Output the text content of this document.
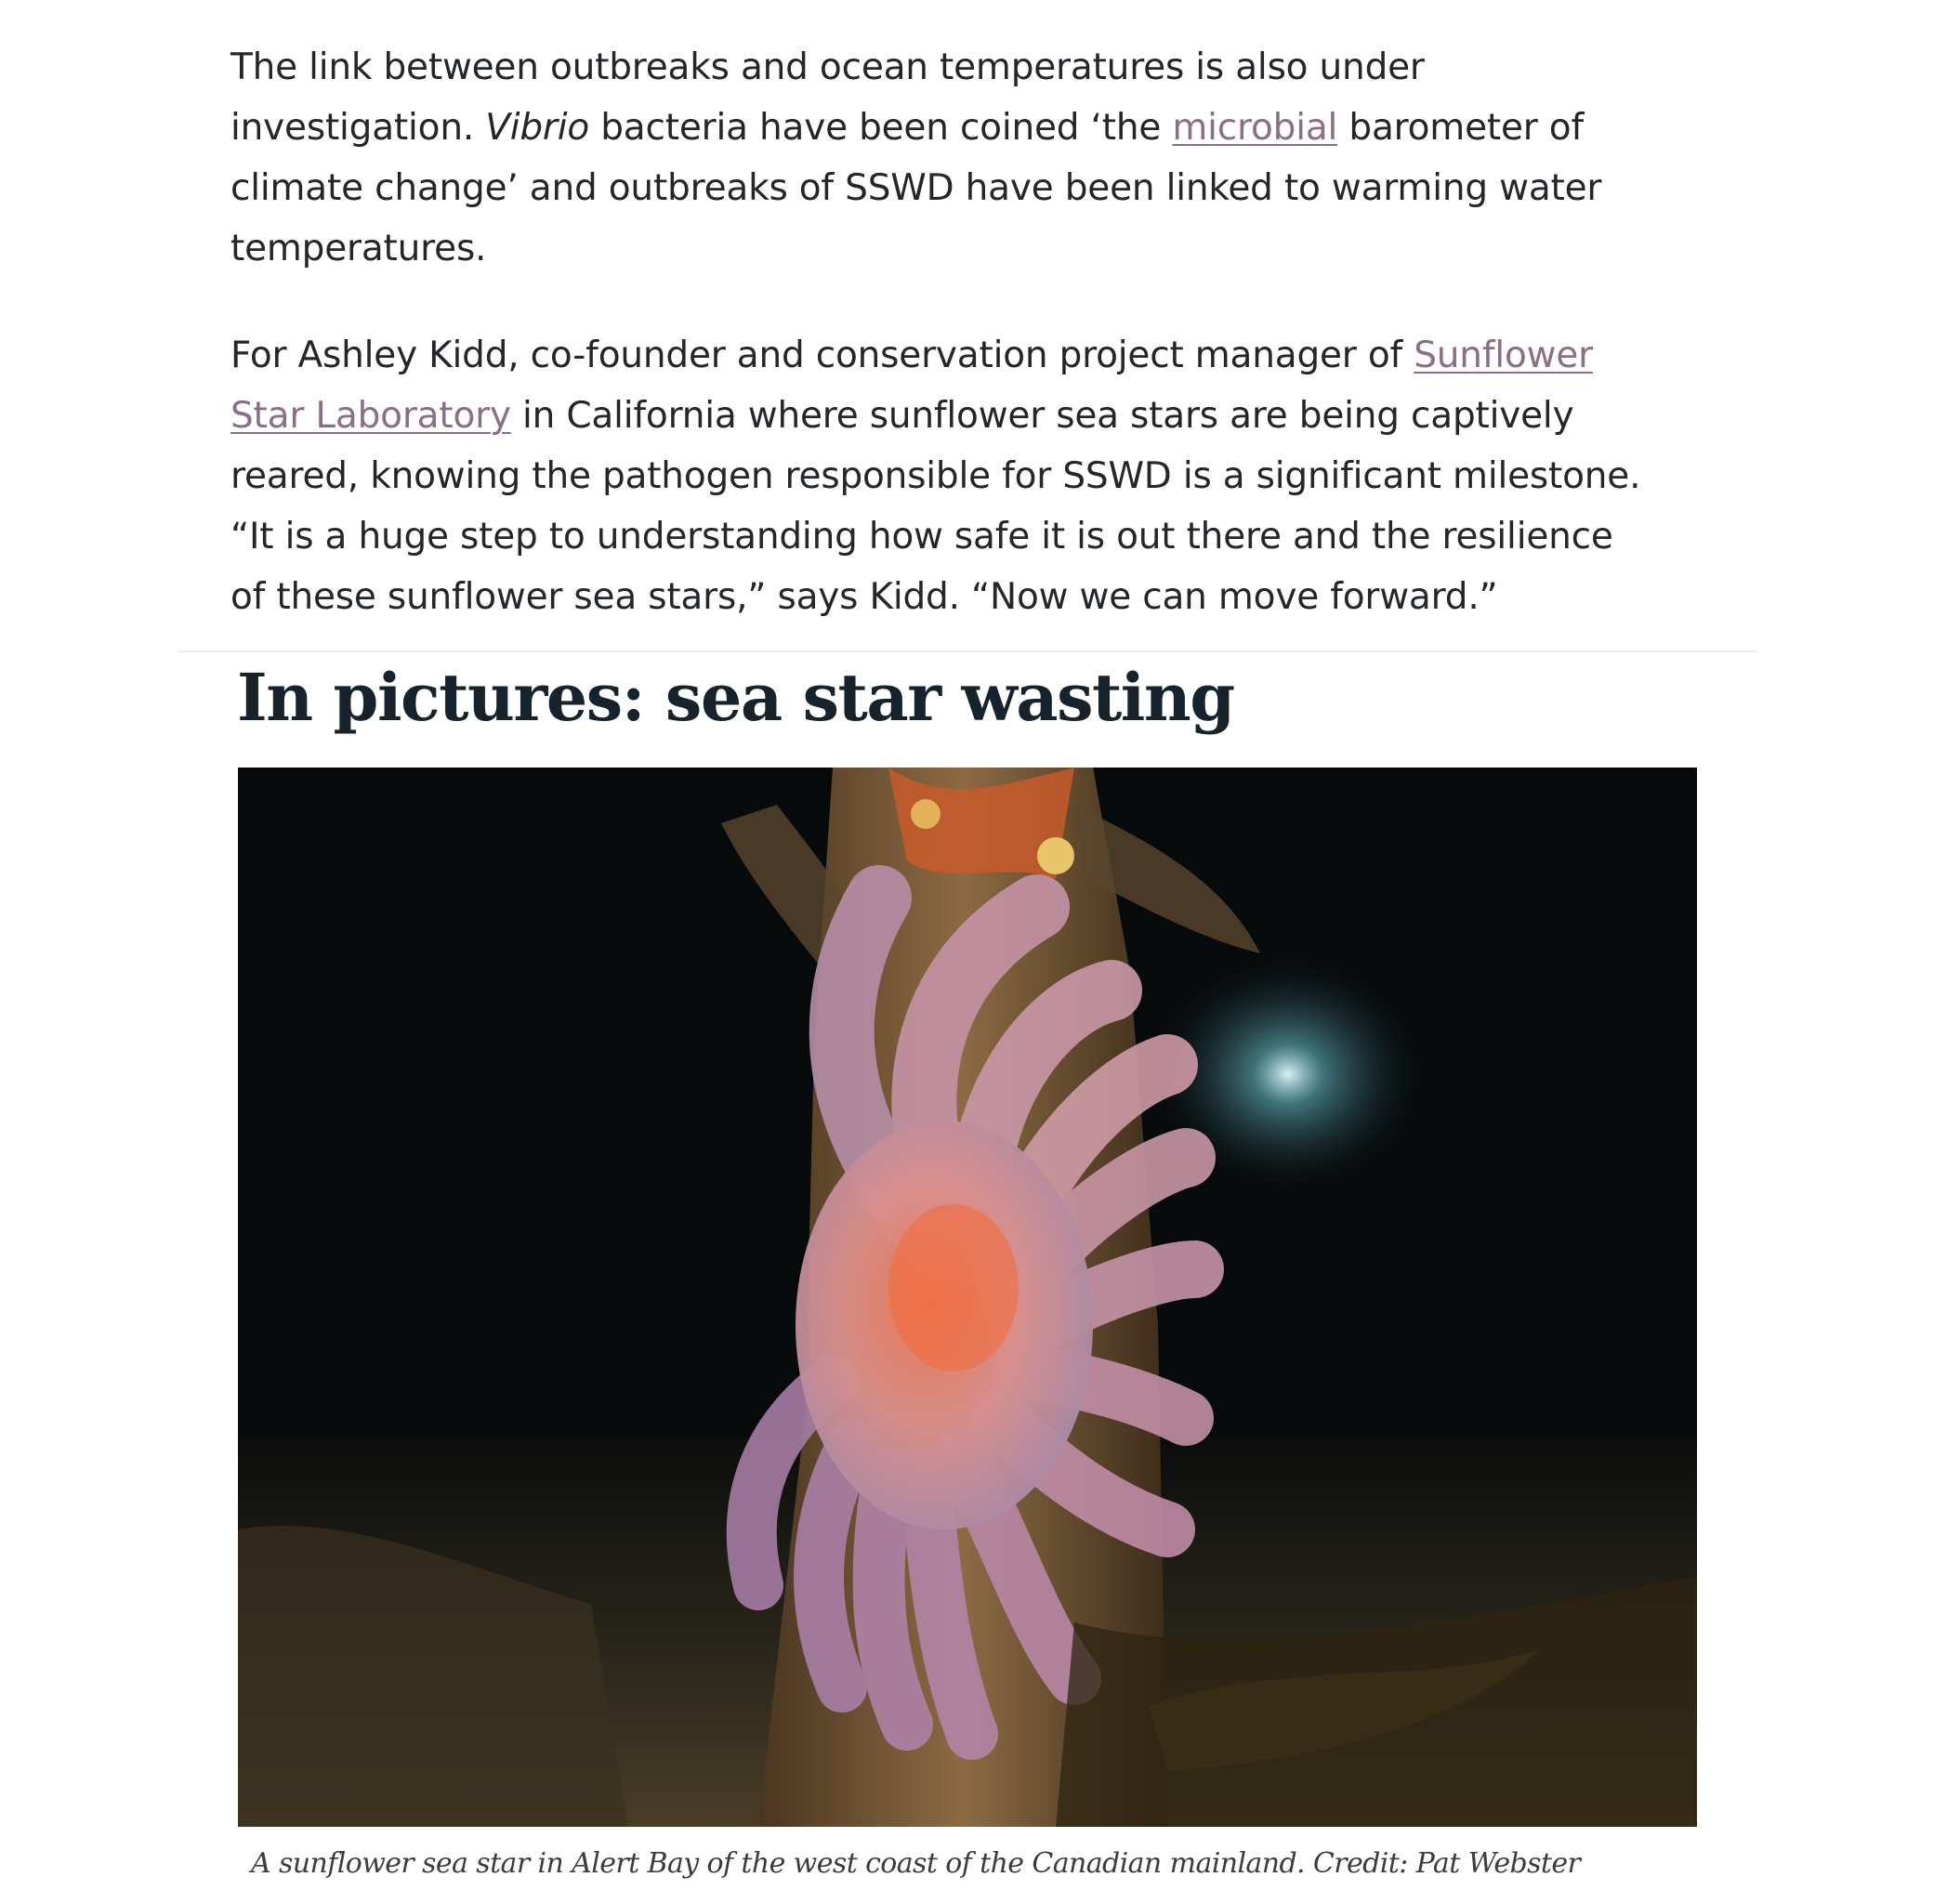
The link between outbreaks and ocean temperatures is also under investigation. Vibrio bacteria have been coined ‘the microbial barometer of climate change’ and outbreaks of SSWD have been linked to warming water temperatures.

For Ashley Kidd, co-founder and conservation project manager of Sunflower Star Laboratory in California where sunflower sea stars are being captively reared, knowing the pathogen responsible for SSWD is a significant milestone. “It is a huge step to understanding how safe it is out there and the resilience of these sunflower sea stars,” says Kidd. “Now we can move forward.”

In pictures: sea star wasting

A sunflower sea star in Alert Bay of the west coast of the Canadian mainland. Credit: Pat Webster
